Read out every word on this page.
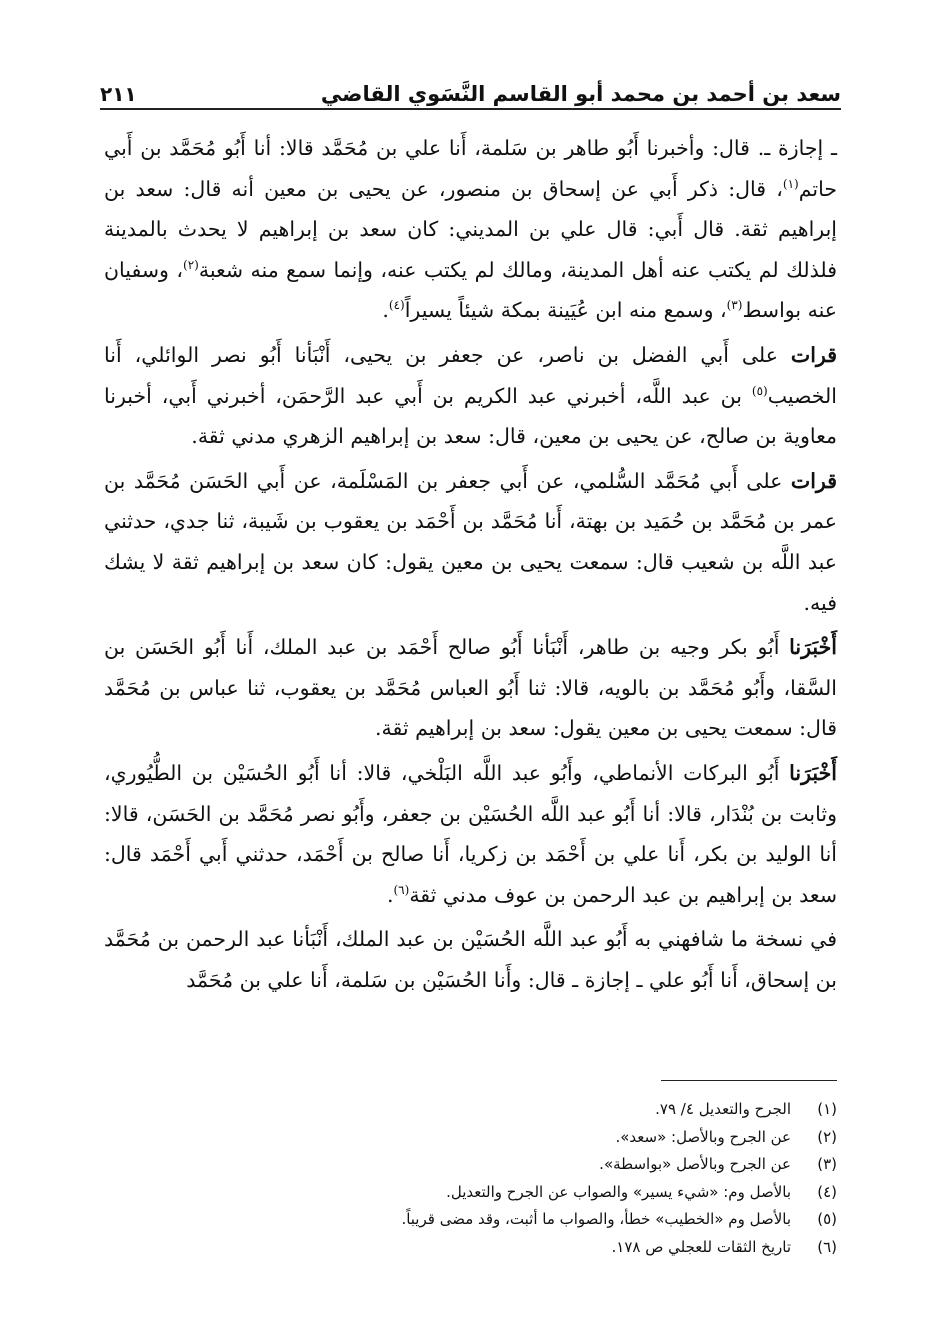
سعد بن أحمد بن محمد أبو القاسم النَّسَوي القاضي
٢١١

ـ إجازة ـ. قال: وأخبرنا أَبُو طاهر بن سَلمة، أَنا علي بن مُحَمَّد قالا: أنا أَبُو مُحَمَّد بن أَبي حاتم$^{(١)}$، قال: ذكر أَبي عن إسحاق بن منصور، عن يحيى بن معين أنه قال: سعد بن إبراهيم ثقة. قال أَبي: قال علي بن المديني: كان سعد بن إبراهيم لا يحدث بالمدينة فلذلك لم يكتب عنه أهل المدينة، ومالك لم يكتب عنه، وإنما سمع منه شعبة$^{(٢)}$، وسفيان عنه بواسط$^{(٣)}$، وسمع منه ابن عُيَينة بمكة شيئاً يسيراً$^{(٤)}$.

قرات على أَبي الفضل بن ناصر، عن جعفر بن يحيى، أَنْبَأنا أَبُو نصر الوائلي، أَنا الخصيب$^{(٥)}$ بن عبد اللَّه، أخبرني عبد الكريم بن أَبي عبد الرَّحمَن، أخبرني أَبي، أخبرنا معاوية بن صالح، عن يحيى بن معين، قال: سعد بن إبراهيم الزهري مدني ثقة.

قرات على أَبي مُحَمَّد السُّلمي، عن أَبي جعفر بن المَسْلَمة، عن أَبي الحَسَن مُحَمَّد بن عمر بن مُحَمَّد بن حُمَيد بن بهتة، أَنا مُحَمَّد بن أَحْمَد بن يعقوب بن شَيبة، ثنا جدي، حدثني عبد اللَّه بن شعيب قال: سمعت يحيى بن معين يقول: كان سعد بن إبراهيم ثقة لا يشك فيه.

أَخْبَرَنا أَبُو بكر وجيه بن طاهر، أَنْبَأنا أَبُو صالح أَحْمَد بن عبد الملك، أَنا أَبُو الحَسَن بن السَّقا، وأَبُو مُحَمَّد بن بالويه، قالا: ثنا أَبُو العباس مُحَمَّد بن يعقوب، ثنا عباس بن مُحَمَّد قال: سمعت يحيى بن معين يقول: سعد بن إبراهيم ثقة.

أَخْبَرَنا أَبُو البركات الأنماطي، وأَبُو عبد اللَّه البَلْخي، قالا: أنا أَبُو الحُسَيْن بن الطُّيُوري، وثابت بن بُنْدَار، قالا: أنا أَبُو عبد اللَّه الحُسَيْن بن جعفر، وأَبُو نصر مُحَمَّد بن الحَسَن، قالا: أنا الوليد بن بكر، أَنا علي بن أَحْمَد بن زكريا، أَنا صالح بن أَحْمَد، حدثني أَبي أَحْمَد قال: سعد بن إبراهيم بن عبد الرحمن بن عوف مدني ثقة$^{(٦)}$.

في نسخة ما شافهني به أَبُو عبد اللَّه الحُسَيْن بن عبد الملك، أَنْبَأنا عبد الرحمن بن مُحَمَّد بن إسحاق، أَنا أَبُو علي ـ إجازة ـ قال: وأَنا الحُسَيْن بن سَلمة، أَنا علي بن مُحَمَّد

(١)
الجرح والتعديل ٤/ ٧٩.
(٢)
عن الجرح وبالأصل: «سعد».
(٣)
عن الجرح وبالأصل «بواسطة».
(٤)
بالأصل وم: «شيء يسير» والصواب عن الجرح والتعديل.
(٥)
بالأصل وم «الخطيب» خطأ، والصواب ما أثبت، وقد مضى قريباً.
(٦)
تاريخ الثقات للعجلي ص ١٧٨.
